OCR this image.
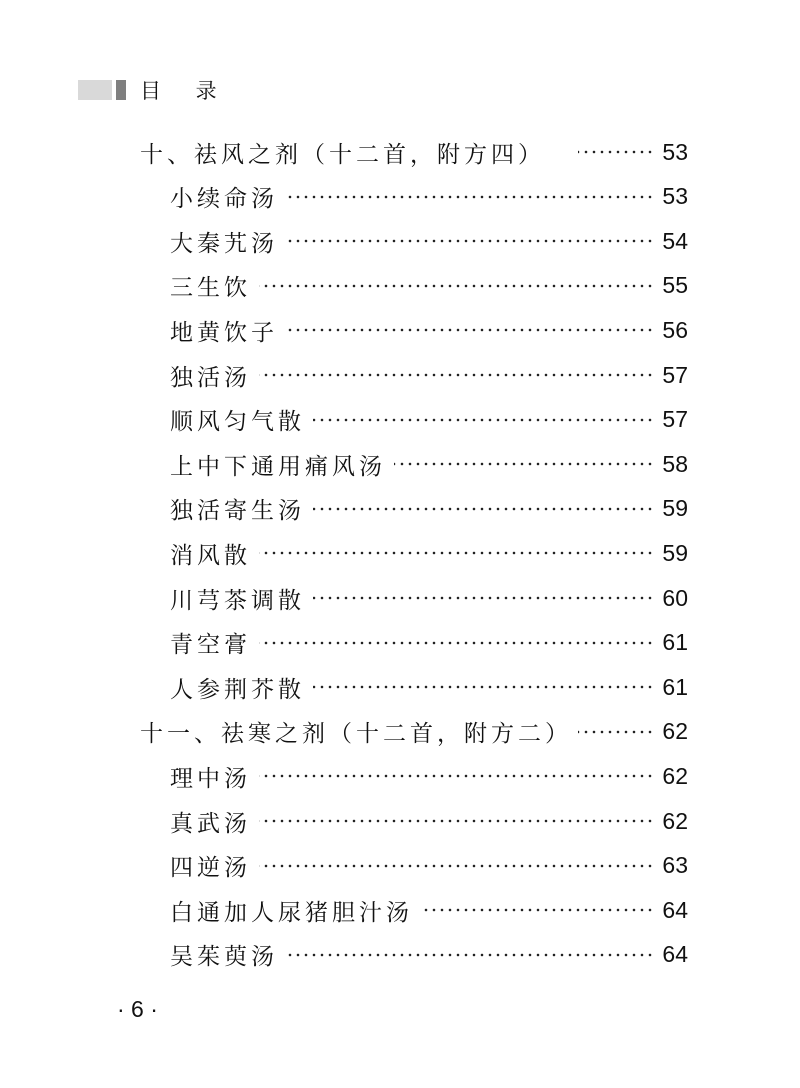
目 录
十、祛风之剂（十二首，附方四）	53
小续命汤	53
大秦艽汤	54
三生饮	55
地黄饮子	56
独活汤	57
顺风匀气散	57
上中下通用痛风汤	58
独活寄生汤	59
消风散	59
川芎茶调散	60
青空膏	61
人参荆芥散	61
十一、祛寒之剂（十二首，附方二）	62
理中汤	62
真武汤	62
四逆汤	63
白通加人尿猪胆汁汤	64
吴茱萸汤	64
· 6 ·
